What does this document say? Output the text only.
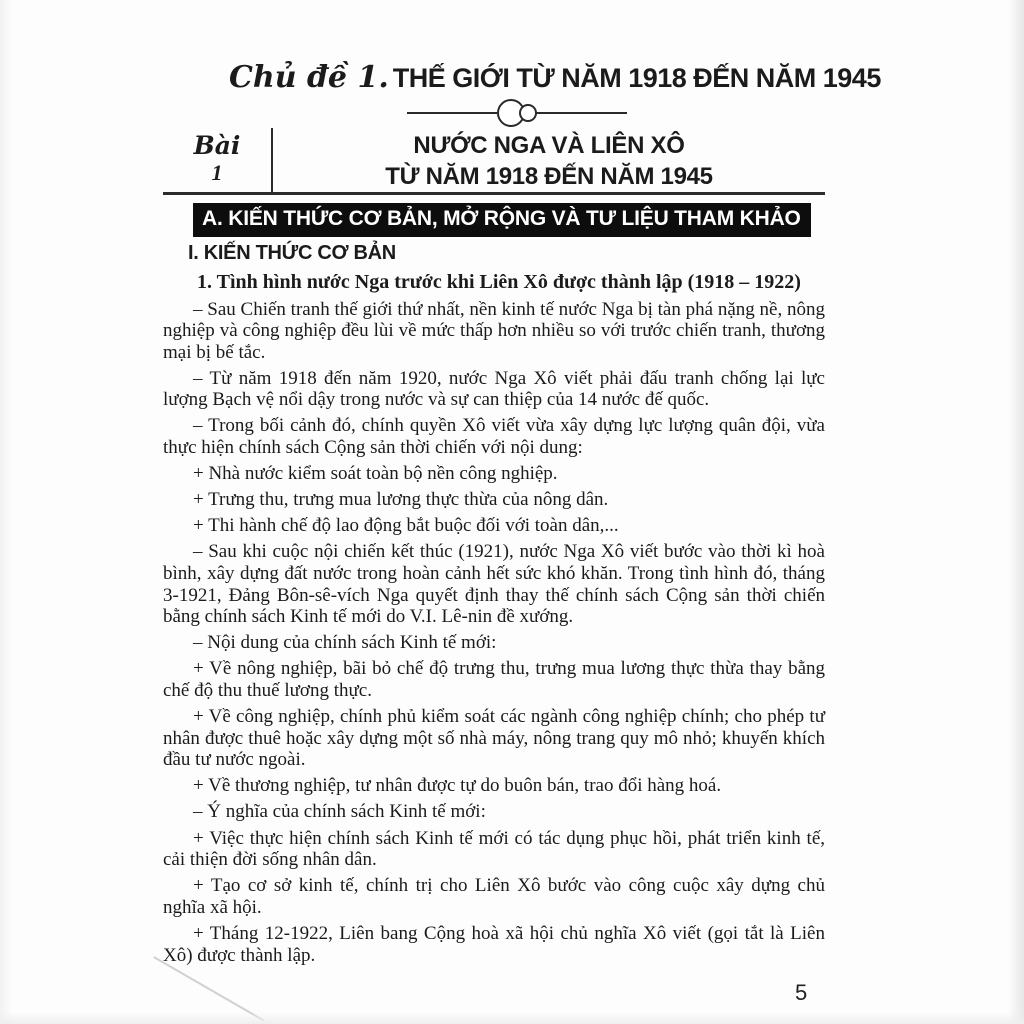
Chủ đề 1. THẾ GIỚI TỪ NĂM 1918 ĐẾN NĂM 1945
Bài
1
NƯỚC NGA VÀ LIÊN XÔ
TỪ NĂM 1918 ĐẾN NĂM 1945
A. KIẾN THỨC CƠ BẢN, MỞ RỘNG VÀ TƯ LIỆU THAM KHẢO
I. KIẾN THỨC CƠ BẢN
1. Tình hình nước Nga trước khi Liên Xô được thành lập (1918 – 1922)

– Sau Chiến tranh thế giới thứ nhất, nền kinh tế nước Nga bị tàn phá nặng nề, nông nghiệp và công nghiệp đều lùi về mức thấp hơn nhiều so với trước chiến tranh, thương mại bị bế tắc.

– Từ năm 1918 đến năm 1920, nước Nga Xô viết phải đấu tranh chống lại lực lượng Bạch vệ nổi dậy trong nước và sự can thiệp của 14 nước đế quốc.

– Trong bối cảnh đó, chính quyền Xô viết vừa xây dựng lực lượng quân đội, vừa thực hiện chính sách Cộng sản thời chiến với nội dung:

+ Nhà nước kiểm soát toàn bộ nền công nghiệp.

+ Trưng thu, trưng mua lương thực thừa của nông dân.

+ Thi hành chế độ lao động bắt buộc đối với toàn dân,...

– Sau khi cuộc nội chiến kết thúc (1921), nước Nga Xô viết bước vào thời kì hoà bình, xây dựng đất nước trong hoàn cảnh hết sức khó khăn. Trong tình hình đó, tháng 3-1921, Đảng Bôn-sê-vích Nga quyết định thay thế chính sách Cộng sản thời chiến bằng chính sách Kinh tế mới do V.I. Lê-nin đề xướng.

– Nội dung của chính sách Kinh tế mới:

+ Về nông nghiệp, bãi bỏ chế độ trưng thu, trưng mua lương thực thừa thay bằng chế độ thu thuế lương thực.

+ Về công nghiệp, chính phủ kiểm soát các ngành công nghiệp chính; cho phép tư nhân được thuê hoặc xây dựng một số nhà máy, nông trang quy mô nhỏ; khuyến khích đầu tư nước ngoài.

+ Về thương nghiệp, tư nhân được tự do buôn bán, trao đổi hàng hoá.

– Ý nghĩa của chính sách Kinh tế mới:

+ Việc thực hiện chính sách Kinh tế mới có tác dụng phục hồi, phát triển kinh tế, cải thiện đời sống nhân dân.

+ Tạo cơ sở kinh tế, chính trị cho Liên Xô bước vào công cuộc xây dựng chủ nghĩa xã hội.

+ Tháng 12-1922, Liên bang Cộng hoà xã hội chủ nghĩa Xô viết (gọi tắt là Liên Xô) được thành lập.

5
